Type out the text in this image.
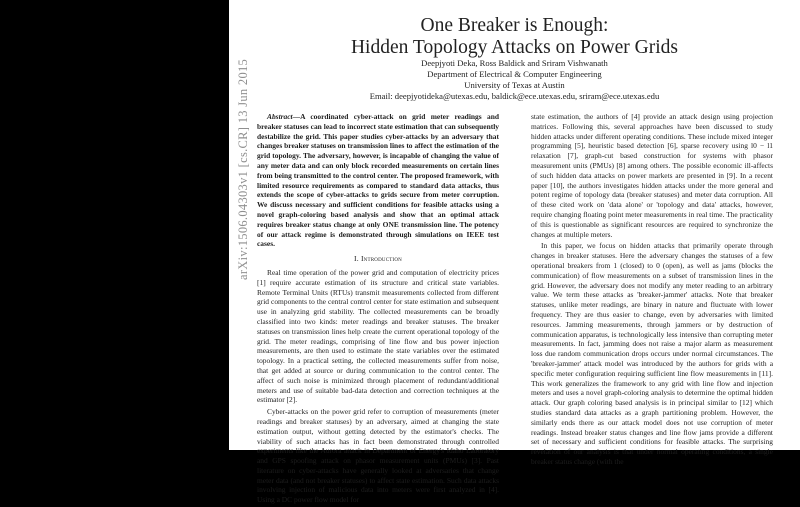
arXiv:1506.04303v1 [cs.CR] 13 Jun 2015
One Breaker is Enough:
Hidden Topology Attacks on Power Grids
Deepjyoti Deka, Ross Baldick and Sriram Vishwanath
Department of Electrical & Computer Engineering
University of Texas at Austin
Email: deepjyotideka@utexas.edu, baldick@ece.utexas.edu, sriram@ece.utexas.edu

Abstract—A coordinated cyber-attack on grid meter readings and breaker statuses can lead to incorrect state estimation that can subsequently destabilize the grid. This paper studies cyber-attacks by an adversary that changes breaker statuses on transmission lines to affect the estimation of the grid topology. The adversary, however, is incapable of changing the value of any meter data and can only block recorded measurements on certain lines from being transmitted to the control center. The proposed framework, with limited resource requirements as compared to standard data attacks, thus extends the scope of cyber-attacks to grids secure from meter corruption. We discuss necessary and sufficient conditions for feasible attacks using a novel graph-coloring based analysis and show that an optimal attack requires breaker status change at only ONE transmission line. The potency of our attack regime is demonstrated through simulations on IEEE test cases.

I. Introduction

Real time operation of the power grid and computation of electricity prices [1] require accurate estimation of its structure and critical state variables. Remote Terminal Units (RTUs) transmit measurements collected from different grid components to the central control center for state estimation and subsequent use in analyzing grid stability. The collected measurements can be broadly classified into two kinds: meter readings and breaker statuses. The breaker statuses on transmission lines help create the current operational topology of the grid. The meter readings, comprising of line flow and bus power injection measurements, are then used to estimate the state variables over the estimated topology. In a practical setting, the collected measurements suffer from noise, that get added at source or during communication to the control center. The affect of such noise is minimized through placement of redundant/additional meters and use of suitable bad-data detection and correction techniques at the estimator [2].

Cyber-attacks on the power grid refer to corruption of measurements (meter readings and breaker statuses) by an adversary, aimed at changing the state estimation output, without getting detected by the estimator's checks. The viability of such attacks has in fact been demonstrated through controlled experiments like the Aurora attack in Department of Energy's Idaho Laboratory and GPS spoofing attack on phasor measurement units (PMUs) [3]. Past literature on cyber-attacks have generally looked at adversaries that change meter data (and not breaker statuses) to affect state estimation. Such data attacks involving injection of malicious data into meters were first analyzed in [4]. Using a DC power flow model for

state estimation, the authors of [4] provide an attack design using projection matrices. Following this, several approaches have been discussed to study hidden attacks under different operating conditions. These include mixed integer programming [5], heuristic based detection [6], sparse recovery using l0 − l1 relaxation [7], graph-cut based construction for systems with phasor measurement units (PMUs) [8] among others. The possible economic ill-affects of such hidden data attacks on power markets are presented in [9]. In a recent paper [10], the authors investigates hidden attacks under the more general and potent regime of topology data (breaker statuses) and meter data corruption. All of these cited work on 'data alone' or 'topology and data' attacks, however, require changing floating point meter measurements in real time. The practicality of this is questionable as significant resources are required to synchronize the changes at multiple meters.

In this paper, we focus on hidden attacks that primarily operate through changes in breaker statuses. Here the adversary changes the statuses of a few operational breakers from 1 (closed) to 0 (open), as well as jams (blocks the communication) of flow measurements on a subset of transmission lines in the grid. However, the adversary does not modify any meter reading to an arbitrary value. We term these attacks as 'breaker-jammer' attacks. Note that breaker statuses, unlike meter readings, are binary in nature and fluctuate with lower frequency. They are thus easier to change, even by adversaries with limited resources. Jamming measurements, through jammers or by destruction of communication apparatus, is technologically less intensive than corrupting meter measurements. In fact, jamming does not raise a major alarm as measurement loss due random communication drops occurs under normal circumstances. The 'breaker-jammer' attack model was introduced by the authors for grids with a specific meter configuration requiring sufficient line flow measurements in [11]. This work generalizes the framework to any grid with line flow and injection meters and uses a novel graph-coloring analysis to determine the optimal hidden attack. Our graph coloring based analysis is in principal similar to [12] which studies standard data attacks as a graph partitioning problem. However, the similarly ends there as our attack model does not use corruption of meter readings. Instead breaker status changes and line flow jams provide a different set of necessary and sufficient conditions for feasible attacks. The surprising revelation of our analysis is that under normal operating conditions, a single breaker status change (with the
